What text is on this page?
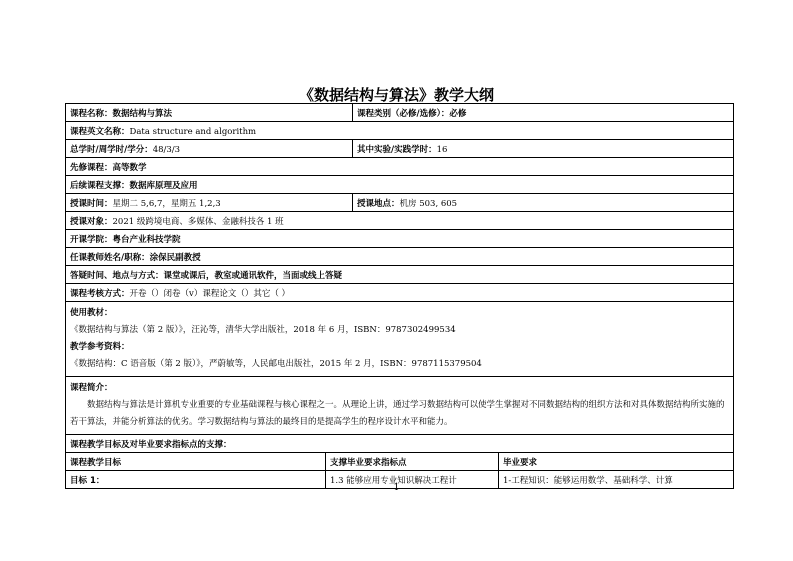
《数据结构与算法》教学大纲
课程名称：数据结构与算法		课程类别（必修/选修）：必修	
课程英文名称：Data structure and algorithm			
总学时/周学时/学分：48/3/3		其中实验/实践学时：16	
先修课程：高等数学			
后续课程支撑：数据库原理及应用			
授课时间：星期二 5,6,7，星期五 1,2,3		授课地点：机房 503, 605	
授课对象：2021 级跨境电商、多媒体、金融科技各 1 班			
开课学院：粤台产业科技学院			
任课教师姓名/职称：涂保民副教授			
答疑时间、地点与方式：课堂或课后，教室或通讯软件，当面或线上答疑			
课程考核方式：开卷（）闭卷（v）课程论文（）其它（ ）			

使用教材：
《数据结构与算法（第 2 版）》，汪沁等，清华大学出版社，2018 年 6 月，ISBN：9787302499534
教学参考资料：
《数据结构：C 语音版（第 2 版）》，严蔚敏等，人民邮电出版社，2015 年 2 月，ISBN：9787115379504			

课程简介：
数据结构与算法是计算机专业重要的专业基础课程与核心课程之一。从理论上讲，通过学习数据结构可以使学生掌握对不同数据结构的组织方法和对具体数据结构所实施的若干算法，并能分析算法的优劣。学习数据结构与算法的最终目的是提高学生的程序设计水平和能力。			

课程教学目标及对毕业要求指标点的支撑：			
课程教学目标	支撑毕业要求指标点		毕业要求
目标 1：	1.3 能够应用专业知识解决工程计		1-工程知识：能够运用数学、基础科学、计算
1
